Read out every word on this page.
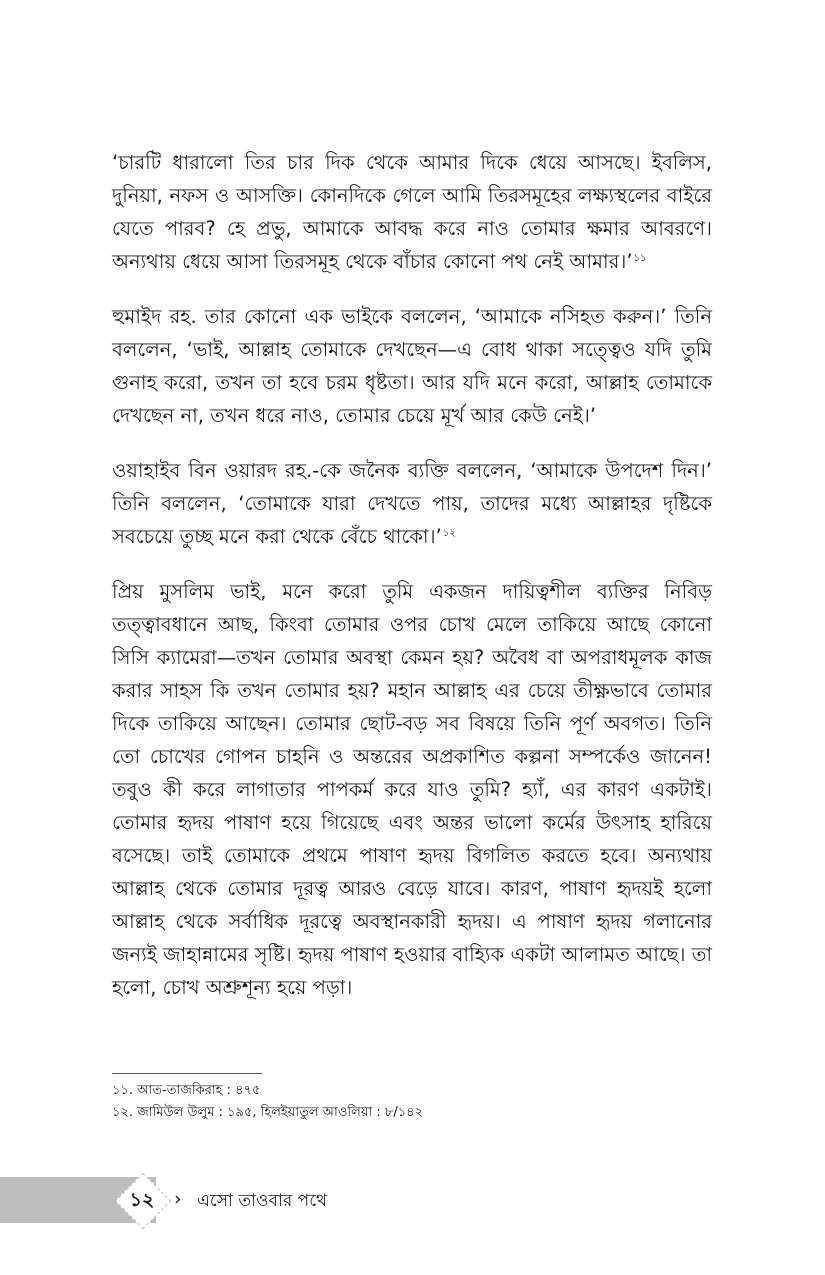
‘চারটি ধারালো তির চার দিক থেকে আমার দিকে ধেয়ে আসছে। ইবলিস, দুনিয়া, নফস ও আসক্তি। কোনদিকে গেলে আমি তিরসমূহের লক্ষ্যস্থলের বাইরে যেতে পারব? হে প্রভু, আমাকে আবদ্ধ করে নাও তোমার ক্ষমার আবরণে। অন্যথায় ধেয়ে আসা তিরসমূহ থেকে বাঁচার কোনো পথ নেই আমার।’$^{১১}$

হুমাইদ রহ. তার কোনো এক ভাইকে বললেন, ‘আমাকে নসিহত করুন।’ তিনি বললেন, ‘ভাই, আল্লাহ তোমাকে দেখছেন—এ বোধ থাকা সত্ত্বেও যদি তুমি গুনাহ করো, তখন তা হবে চরম ধৃষ্টতা। আর যদি মনে করো, আল্লাহ তোমাকে দেখছেন না, তখন ধরে নাও, তোমার চেয়ে মূর্খ আর কেউ নেই।’

ওয়াহাইব বিন ওয়ারদ রহ.-কে জনৈক ব্যক্তি বললেন, ‘আমাকে উপদেশ দিন।’ তিনি বললেন, ‘তোমাকে যারা দেখতে পায়, তাদের মধ্যে আল্লাহর দৃষ্টিকে সবচেয়ে তুচ্ছ মনে করা থেকে বেঁচে থাকো।’$^{১২}$

প্রিয় মুসলিম ভাই, মনে করো তুমি একজন দায়িত্বশীল ব্যক্তির নিবিড় তত্ত্বাবধানে আছ, কিংবা তোমার ওপর চোখ মেলে তাকিয়ে আছে কোনো সিসি ক্যামেরা—তখন তোমার অবস্থা কেমন হয়? অবৈধ বা অপরাধমূলক কাজ করার সাহস কি তখন তোমার হয়? মহান আল্লাহ এর চেয়ে তীক্ষ্ণভাবে তোমার দিকে তাকিয়ে আছেন। তোমার ছোট-বড় সব বিষয়ে তিনি পূর্ণ অবগত। তিনি তো চোখের গোপন চাহনি ও অন্তরের অপ্রকাশিত কল্পনা সম্পর্কেও জানেন! তবুও কী করে লাগাতার পাপকর্ম করে যাও তুমি? হ্যাঁ, এর কারণ একটাই। তোমার হৃদয় পাষাণ হয়ে গিয়েছে এবং অন্তর ভালো কর্মের উৎসাহ হারিয়ে বসেছে। তাই তোমাকে প্রথমে পাষাণ হৃদয় বিগলিত করতে হবে। অন্যথায় আল্লাহ থেকে তোমার দূরত্ব আরও বেড়ে যাবে। কারণ, পাষাণ হৃদয়ই হলো আল্লাহ থেকে সর্বাধিক দূরত্বে অবস্থানকারী হৃদয়। এ পাষাণ হৃদয় গলানোর জন্যই জাহান্নামের সৃষ্টি। হৃদয় পাষাণ হওয়ার বাহ্যিক একটা আলামত আছে। তা হলো, চোখ অশ্রুশূন্য হয়ে পড়া।

১১. আত-তাজকিরাহ : ৪৭৫
১২. জামিউল উলুম : ১৯৫, হিলইয়াতুল আওলিয়া : ৮/১৪২
১২	› এসো তাওবার পথে
